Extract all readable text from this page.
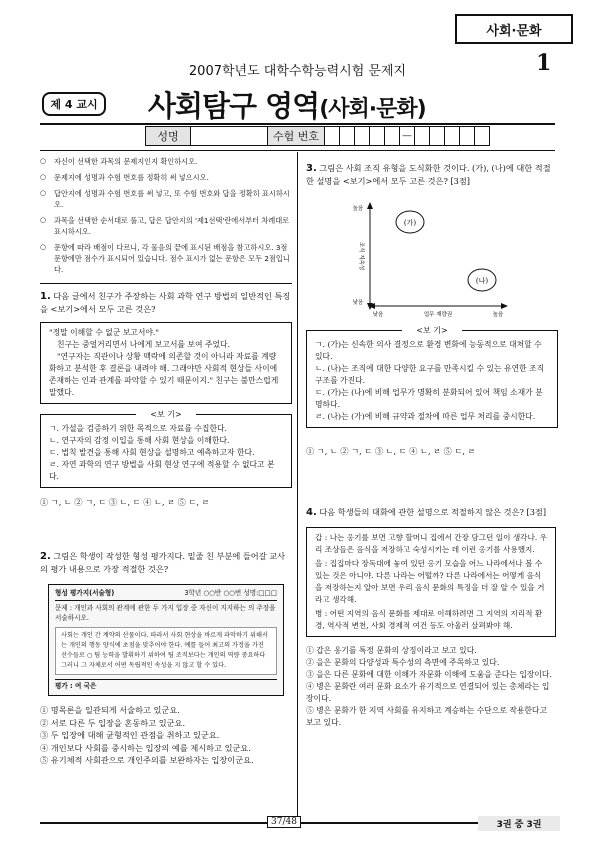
사회·문화
2007학년도 대학수학능력시험 문제지	1
제 4 교시 사회탐구 영역(사회·문화)
성명	수험 번호	―
○ 자신이 선택한 과목의 문제지인지 확인하시오.
○ 문제지에 성명과 수험 번호를 정확히 써 넣으시오.
○ 답안지에 성명과 수험 번호를 써 넣고, 또 수험 번호와 답을 정확히 표시하시오.
○ 과목을 선택한 순서대로 풀고, 답은 답안지의 '제1선택'란에서부터 차례대로 표시하시오.
○ 문항에 따라 배점이 다르니, 각 물음의 끝에 표시된 배점을 참고하시오. 3점 문항에만 점수가 표시되어 있습니다. 점수 표시가 없는 문항은 모두 2점입니다.
1. 다음 글에서 친구가 주장하는 사회 과학 연구 방법의 일반적인 특징을 <보기>에서 모두 고른 것은?

"정말 이해할 수 없군 보고서야."

친구는 중얼거리면서 나에게 보고서를 보여 주었다.

"연구자는 직관이나 상황 맥락에 의존할 것이 아니라 자료를 계량화하고 분석한 후 결론을 내려야 해. 그래야만 사회적 현상들 사이에 존재하는 인과 관계를 파악할 수 있기 때문이지." 친구는 불만스럽게 말했다.

<보 기>

ㄱ. 가설을 검증하기 위한 목적으로 자료를 수집한다.

ㄴ. 연구자의 감정 이입을 통해 사회 현상을 이해한다.

ㄷ. 법칙 발견을 통해 사회 현상을 설명하고 예측하고자 한다.

ㄹ. 자연 과학의 연구 방법을 사회 현상 연구에 적용할 수 없다고 본다.

① ㄱ, ㄴ ② ㄱ, ㄷ ③ ㄴ, ㄷ ④ ㄴ, ㄹ ⑤ ㄷ, ㄹ
2. 그림은 학생이 작성한 형성 평가지다. 밑줄 친 부분에 들어갈 교사의 평가 내용으로 가장 적절한 것은?
형성 평가지(서술형)	3학년 ○○반 ○○번 성명:□□□
문제 : 개인과 사회의 관계에 관한 두 가지 입장 중 자신이 지지하는 의 주장을 서술하시오.
사회는 개인 간 계약의 산물이다. 따라서 사회 현상을 바르게 파악하기 위해서는 개인의 행동 양식에 초점을 맞추어야 한다. 예를 들어 최고의 가정을 가진 선수들로 ○ 팀 능력을 발휘하기 위하여 팀 조직보다는 개인의 역량 중요하다 그러니 그 자체로서 어떤 독립적인 속성을 지 않고 할 수 있다.
평가 : 여 국은
① 명목론을 일관되게 서술하고 있군요.
② 서로 다른 두 입장을 혼동하고 있군요.
③ 두 입장에 대해 균형적인 관점을 취하고 있군요.
④ 개인보다 사회를 중시하는 입장의 예를 제시하고 있군요.
⑤ 유기체적 사회관으로 개인주의를 보완하자는 입장이군요.
3. 그림은 사회 조직 유형을 도식화한 것이다. (가), (나)에 대한 적절한 설명을 <보기>에서 모두 고른 것은? [3점]
(가)
(나)
높음
낮음
낮음	높음
업무 재량권
조직 지속성
<보 기>

ㄱ. (가)는 신속한 의사 결정으로 환경 변화에 능동적으로 대처할 수 있다.

ㄴ. (나)는 조직에 대한 다양한 요구를 만족시킬 수 있는 유연한 조직 구조를 가진다.

ㄷ. (가)는 (나)에 비해 업무가 명확히 분화되어 있어 책임 소재가 분명하다.

ㄹ. (나)는 (가)에 비해 규약과 절차에 따른 업무 처리를 중시한다.

① ㄱ, ㄴ ② ㄱ, ㄷ ③ ㄴ, ㄷ ④ ㄴ, ㄹ ⑤ ㄷ, ㄹ
4. 다음 학생들의 대화에 관한 설명으로 적절하지 않은 것은? [3점]

갑 : 나는 옹기를 보면 고향 할머니 집에서 간장 담그던 일이 생각나. 우리 조상들은 음식을 저장하고 숙성시키는 데 이런 옹기를 사용했지.

을 : 집집마다 장독대에 놓여 있던 옹기 모습을 어느 나라에서나 볼 수 있는 것은 아니야. 다른 나라는 어떨까? 다른 나라에서는 어떻게 음식을 저장하는지 알아 보면 우리 음식 문화의 특징을 더 잘 알 수 있을 거라고 생각해.

병 : 어떤 지역의 음식 문화를 제대로 이해하려면 그 지역의 지리적 환경, 역사적 변천, 사회 경제적 여건 등도 아울러 살펴봐야 해.

① 갑은 옹기를 특정 문화의 상징이라고 보고 있다.
② 을은 문화의 다양성과 특수성의 측면에 주목하고 있다.
③ 을은 다른 문화에 대한 이해가 자문화 이해에 도움을 준다는 입장이다.
④ 병은 문화란 여러 문화 요소가 유기적으로 연결되어 있는 총체라는 입장이다.
⑤ 병은 문화가 한 지역 사회를 유지하고 계승하는 수단으로 작용한다고 보고 있다.
37/48	3권 중 3권
